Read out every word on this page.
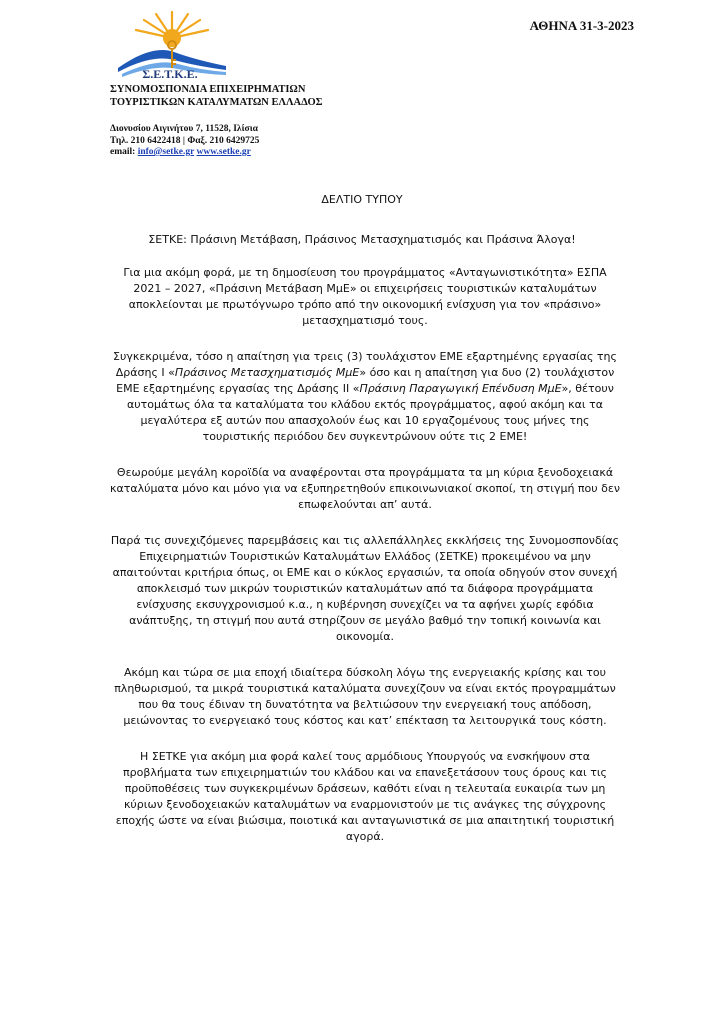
ΑΘΗΝΑ 31-3-2023
Σ.Ε.Τ.Κ.Ε.
ΣΥΝΟΜΟΣΠΟΝΔΙΑ ΕΠΙΧΕΙΡΗΜΑΤΙΩΝ
ΤΟΥΡΙΣΤΙΚΩΝ ΚΑΤΑΛΥΜΑΤΩΝ ΕΛΛΑΔΟΣ
Διονυσίου Αιγινήτου 7, 11528, Ιλίσια
Τηλ. 210 6422418 | Φαξ. 210 6429725
email: info@setke.gr www.setke.gr
ΔΕΛΤΙΟ ΤΥΠΟΥ
ΣΕΤΚΕ: Πράσινη Μετάβαση, Πράσινος Μετασχηματισμός και Πράσινα Άλογα!

Για μια ακόμη φορά, με τη δημοσίευση του προγράμματος «Ανταγωνιστικότητα» ΕΣΠΑ 2021 – 2027, «Πράσινη Μετάβαση ΜμΕ» οι επιχειρήσεις τουριστικών καταλυμάτων αποκλείονται με πρωτόγνωρο τρόπο από την οικονομική ενίσχυση για τον «πράσινο» μετασχηματισμό τους.

Συγκεκριμένα, τόσο η απαίτηση για τρεις (3) τουλάχιστον ΕΜΕ εξαρτημένης εργασίας της Δράσης Ι «Πράσινος Μετασχηματισμός ΜμΕ» όσο και η απαίτηση για δυο (2) τουλάχιστον ΕΜΕ εξαρτημένης εργασίας της Δράσης ΙΙ «Πράσινη Παραγωγική Επένδυση ΜμΕ», θέτουν αυτομάτως όλα τα καταλύματα του κλάδου εκτός προγράμματος, αφού ακόμη και τα μεγαλύτερα εξ αυτών που απασχολούν έως και 10 εργαζομένους τους μήνες της τουριστικής περιόδου δεν συγκεντρώνουν ούτε τις 2 ΕΜΕ!

Θεωρούμε μεγάλη κοροϊδία να αναφέρονται στα προγράμματα τα μη κύρια ξενοδοχειακά καταλύματα μόνο και μόνο για να εξυπηρετηθούν επικοινωνιακοί σκοποί, τη στιγμή που δεν επωφελούνται απ’ αυτά.

Παρά τις συνεχιζόμενες παρεμβάσεις και τις αλλεπάλληλες εκκλήσεις της Συνομοσπονδίας Επιχειρηματιών Τουριστικών Καταλυμάτων Ελλάδος (ΣΕΤΚΕ) προκειμένου να μην απαιτούνται κριτήρια όπως, οι ΕΜΕ και ο κύκλος εργασιών, τα οποία οδηγούν στον συνεχή αποκλεισμό των μικρών τουριστικών καταλυμάτων από τα διάφορα προγράμματα ενίσχυσης εκσυγχρονισμού κ.α., η κυβέρνηση συνεχίζει να τα αφήνει χωρίς εφόδια ανάπτυξης, τη στιγμή που αυτά στηρίζουν σε μεγάλο βαθμό την τοπική κοινωνία και οικονομία.

Ακόμη και τώρα σε μια εποχή ιδιαίτερα δύσκολη λόγω της ενεργειακής κρίσης και του πληθωρισμού, τα μικρά τουριστικά καταλύματα συνεχίζουν να είναι εκτός προγραμμάτων που θα τους έδιναν τη δυνατότητα να βελτιώσουν την ενεργειακή τους απόδοση, μειώνοντας το ενεργειακό τους κόστος και κατ’ επέκταση τα λειτουργικά τους κόστη.

Η ΣΕΤΚΕ για ακόμη μια φορά καλεί τους αρμόδιους Υπουργούς να ενσκήψουν στα προβλήματα των επιχειρηματιών του κλάδου και να επανεξετάσουν τους όρους και τις προϋποθέσεις των συγκεκριμένων δράσεων, καθότι είναι η τελευταία ευκαιρία των μη κύριων ξενοδοχειακών καταλυμάτων να εναρμονιστούν με τις ανάγκες της σύγχρονης εποχής ώστε να είναι βιώσιμα, ποιοτικά και ανταγωνιστικά σε μια απαιτητική τουριστική αγορά.
